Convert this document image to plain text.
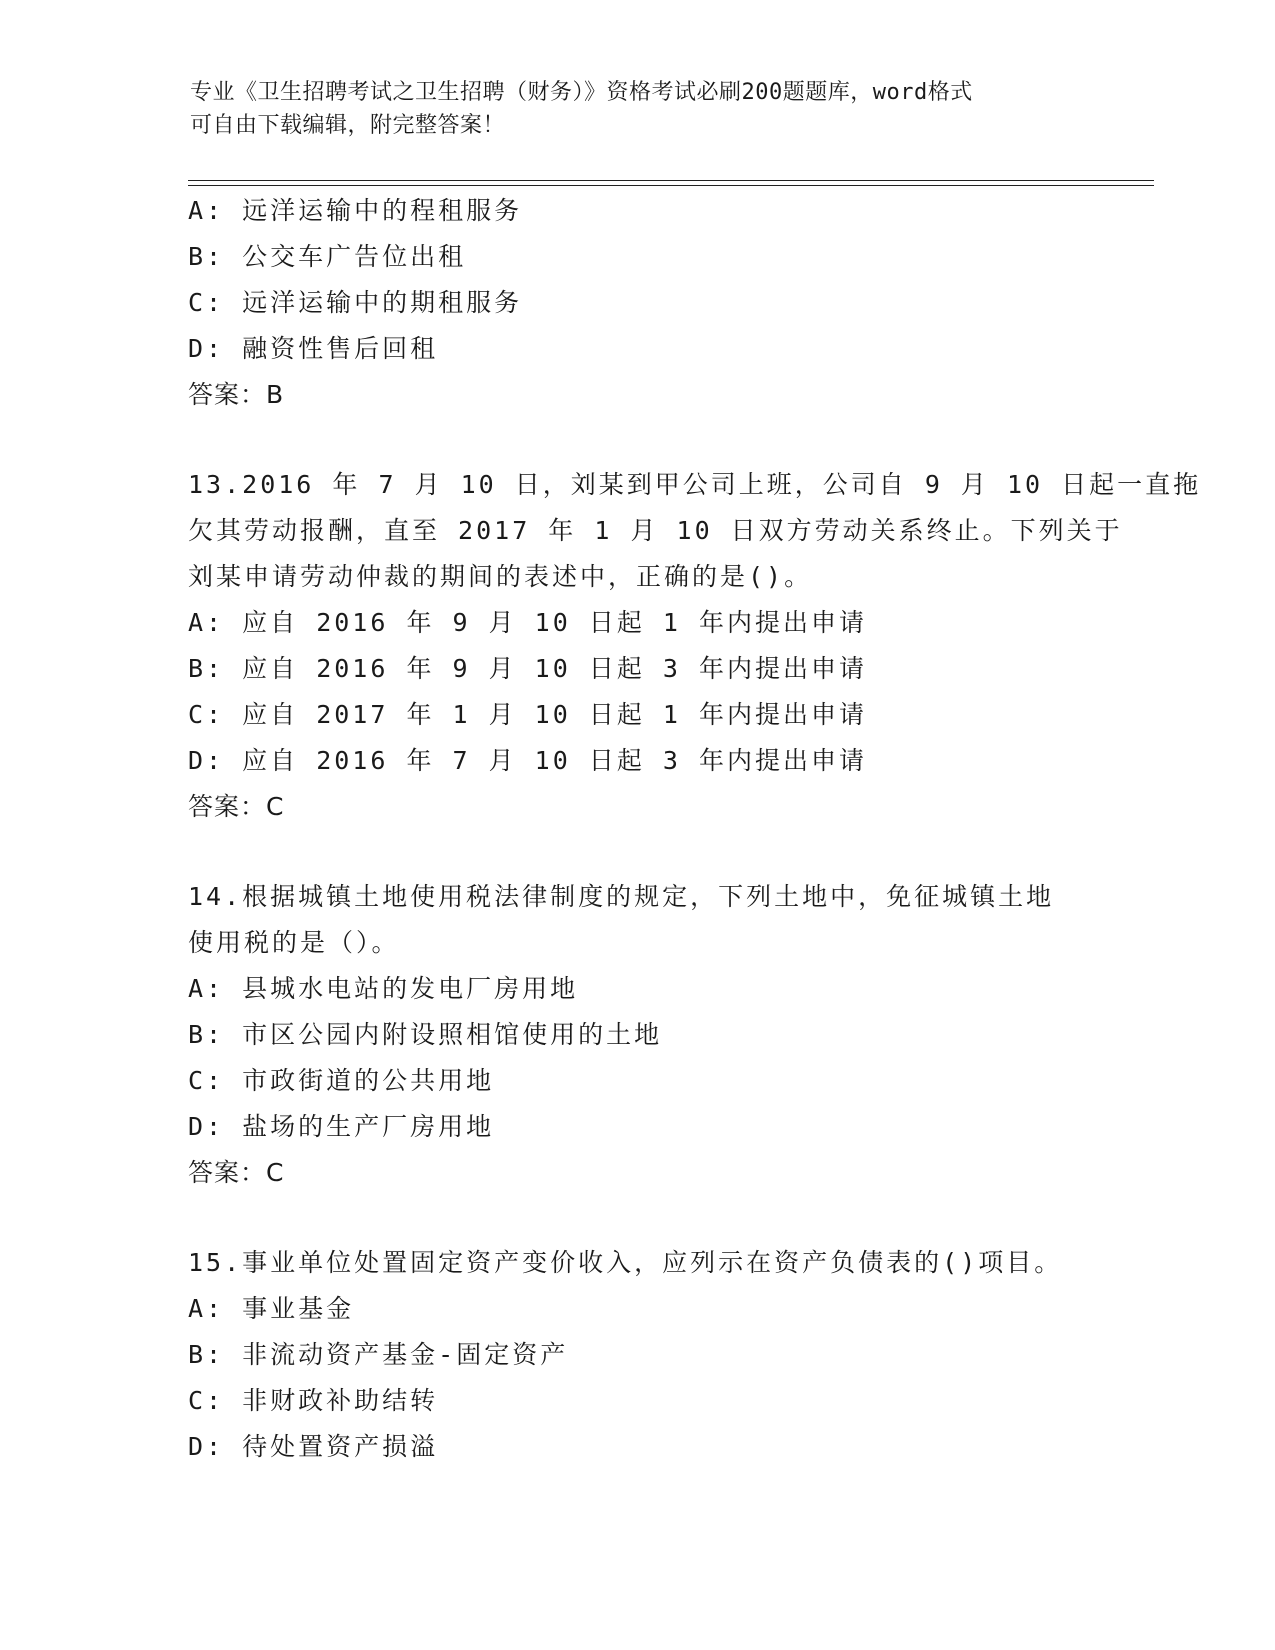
专业《卫生招聘考试之卫生招聘（财务）》资格考试必刷200题题库，word格式
可自由下载编辑，附完整答案！
A: 远洋运输中的程租服务
B: 公交车广告位出租
C: 远洋运输中的期租服务
D: 融资性售后回租
答案：B
13.2016 年 7 月 10 日，刘某到甲公司上班，公司自 9 月 10 日起一直拖
欠其劳动报酬，直至 2017 年 1 月 10 日双方劳动关系终止。下列关于
刘某申请劳动仲裁的期间的表述中，正确的是()。
A: 应自 2016 年 9 月 10 日起 1 年内提出申请
B: 应自 2016 年 9 月 10 日起 3 年内提出申请
C: 应自 2017 年 1 月 10 日起 1 年内提出申请
D: 应自 2016 年 7 月 10 日起 3 年内提出申请
答案：C
14.根据城镇土地使用税法律制度的规定，下列土地中，免征城镇土地
使用税的是（）。
A: 县城水电站的发电厂房用地
B: 市区公园内附设照相馆使用的土地
C: 市政街道的公共用地
D: 盐场的生产厂房用地
答案：C
15.事业单位处置固定资产变价收入，应列示在资产负债表的()项目。
A: 事业基金
B: 非流动资产基金-固定资产
C: 非财政补助结转
D: 待处置资产损溢
